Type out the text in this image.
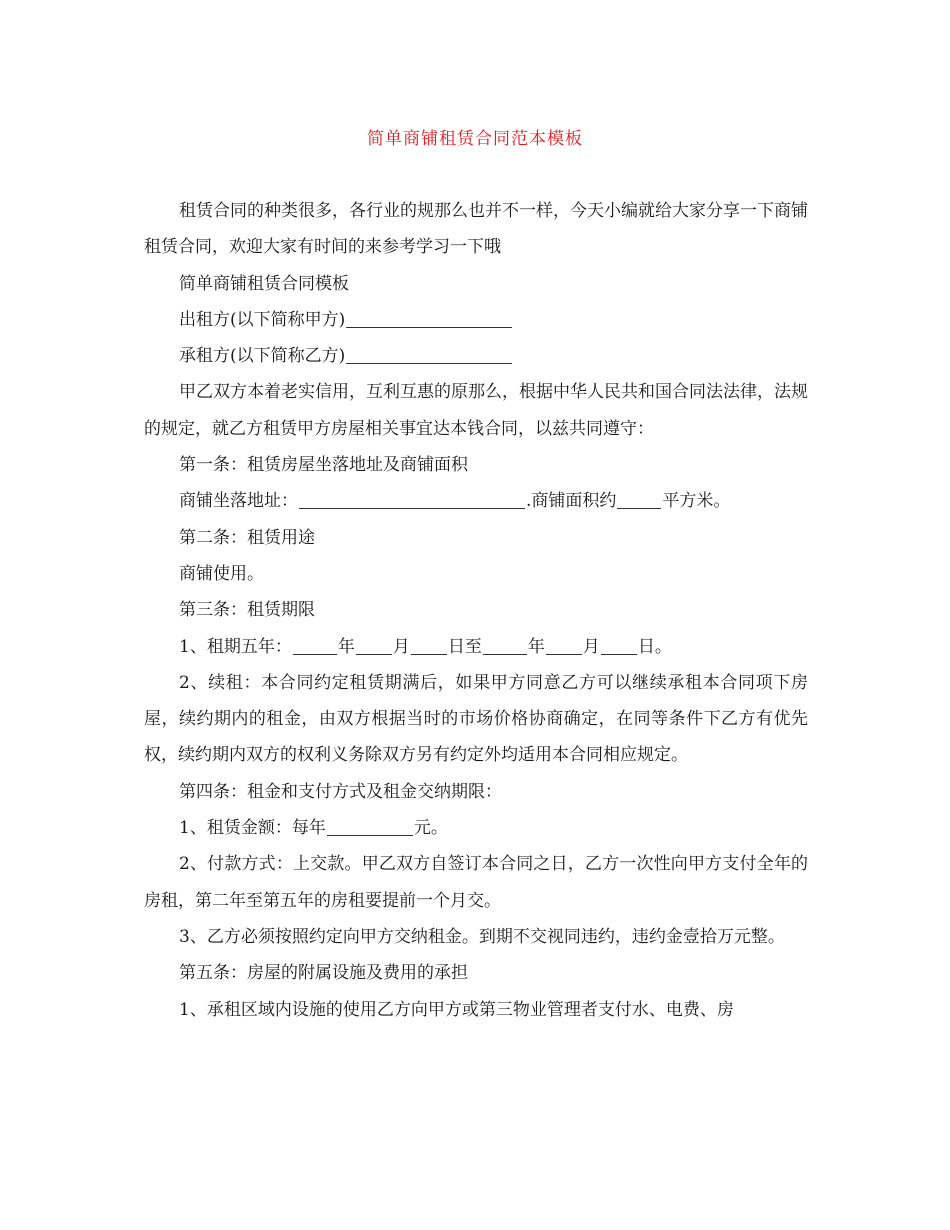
简单商铺租赁合同范本模板

租赁合同的种类很多，各行业的规那么也并不一样，今天小编就给大家分享一下商铺租赁合同，欢迎大家有时间的来参考学习一下哦

简单商铺租赁合同模板

出租方(以下简称甲方)

承租方(以下简称乙方)

甲乙双方本着老实信用，互利互惠的原那么，根据中华人民共和国合同法法律，法规的规定，就乙方租赁甲方房屋相关事宜达本钱合同，以兹共同遵守：

第一条：租赁房屋坐落地址及商铺面积

商铺坐落地址：	.商铺面积约	平方米。

第二条：租赁用途

商铺使用。

第三条：租赁期限

1、租期五年：	年 月 日至	年 月 日。

2、续租：本合同约定租赁期满后，如果甲方同意乙方可以继续承租本合同项下房屋，续约期内的租金，由双方根据当时的市场价格协商确定，在同等条件下乙方有优先权，续约期内双方的权利义务除双方另有约定外均适用本合同相应规定。

第四条：租金和支付方式及租金交纳期限：

1、租赁金额：每年	元。

2、付款方式：上交款。甲乙双方自签订本合同之日，乙方一次性向甲方支付全年的房租，第二年至第五年的房租要提前一个月交。

3、乙方必须按照约定向甲方交纳租金。到期不交视同违约，违约金壹拾万元整。

第五条：房屋的附属设施及费用的承担

1、承租区域内设施的使用乙方向甲方或第三物业管理者支付水、电费、房
